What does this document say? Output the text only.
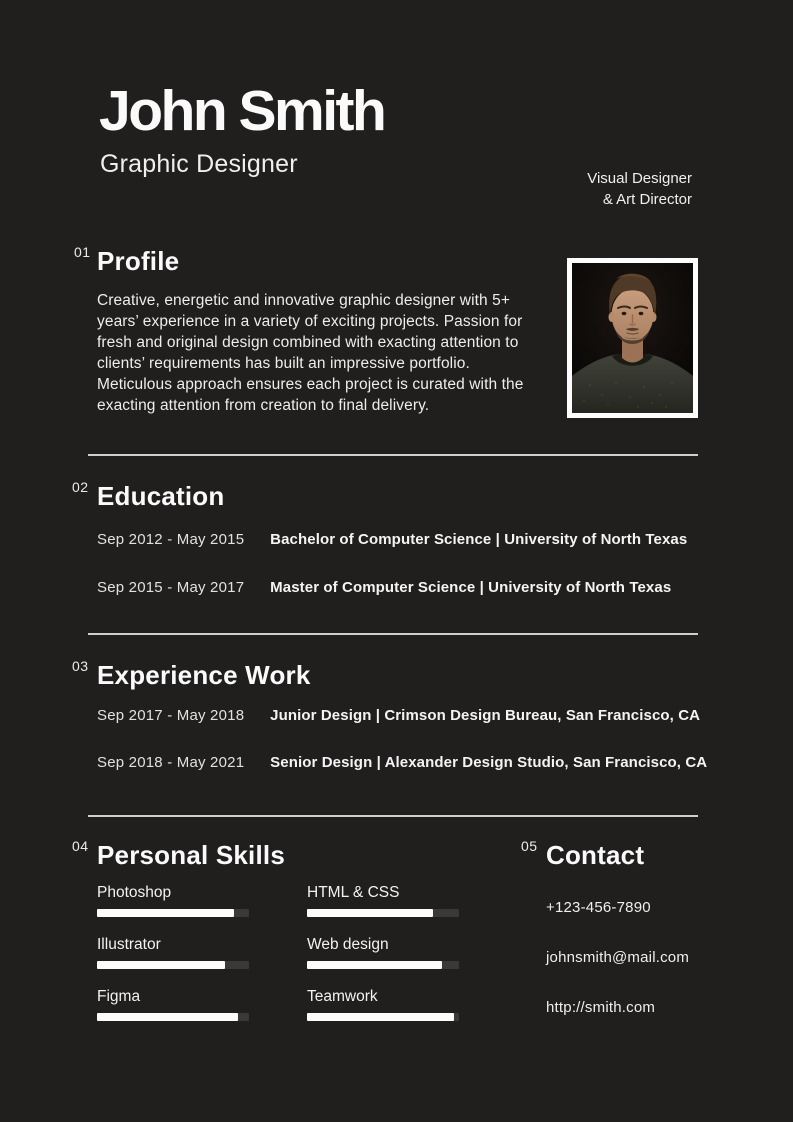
John Smith
Graphic Designer
Visual Designer
& Art Director
01 Profile
Creative, energetic and innovative graphic designer with 5+
years’ experience in a variety of exciting projects. Passion for
fresh and original design combined with exacting attention to
clients’ requirements has built an impressive portfolio.
Meticulous approach ensures each project is curated with the
exacting attention from creation to final delivery.
02 Education
Sep 2012 - May 2015 Bachelor of Computer Science | University of North Texas
Sep 2015 - May 2017 Master of Computer Science | University of North Texas
03 Experience Work
Sep 2017 - May 2018 Junior Design | Crimson Design Bureau, San Francisco, CA
Sep 2018 - May 2021 Senior Design | Alexander Design Studio, San Francisco, CA
04 Personal Skills
Photoshop
Illustrator
Figma
HTML & CSS
Web design
Teamwork
05 Contact
+123-456-7890
johnsmith@mail.com
http://smith.com
